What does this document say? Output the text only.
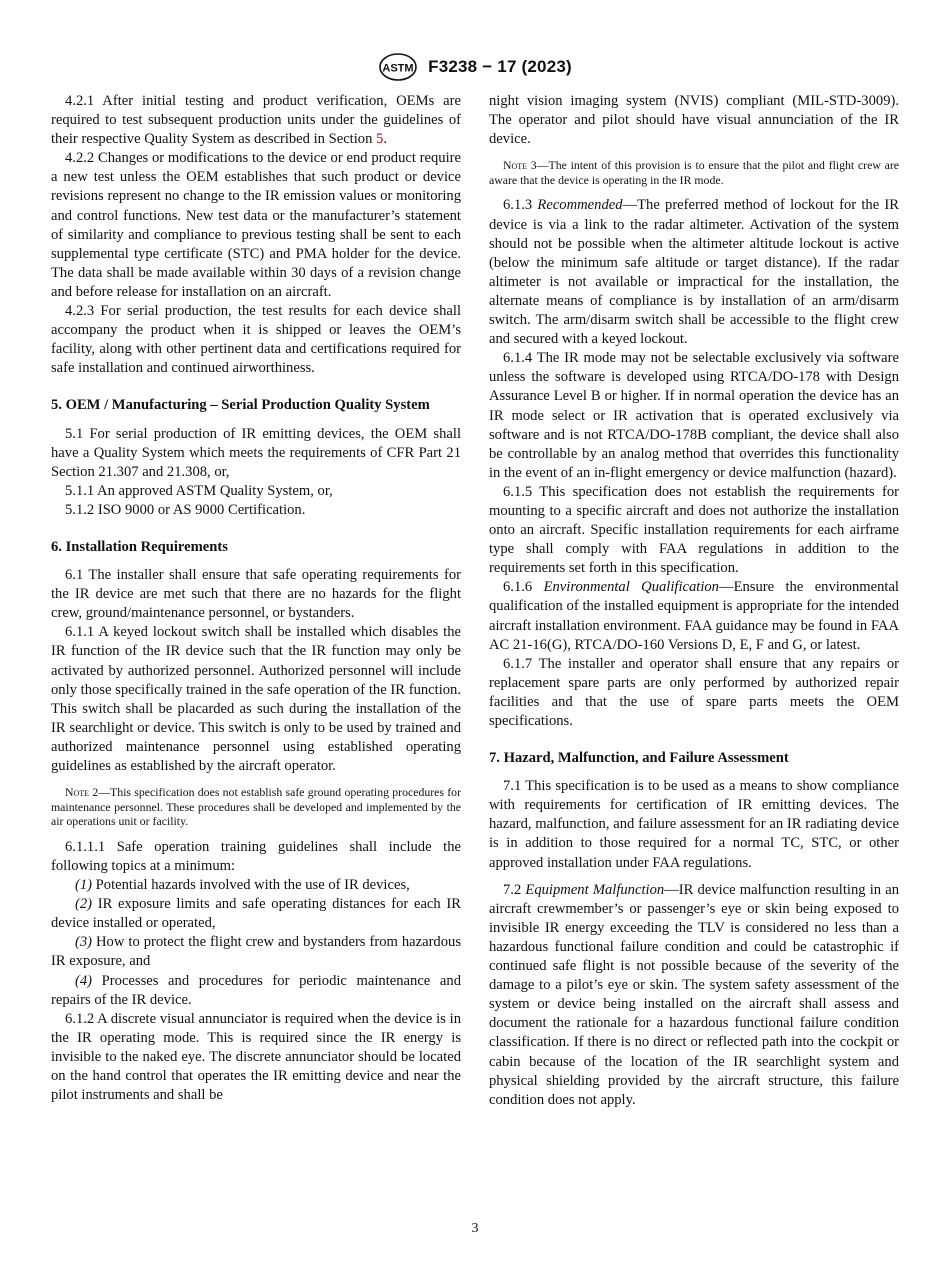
ASTM F3238 − 17 (2023)

4.2.1 After initial testing and product verification, OEMs are required to test subsequent production units under the guidelines of their respective Quality System as described in Section 5.

4.2.2 Changes or modifications to the device or end product require a new test unless the OEM establishes that such product or device revisions represent no change to the IR emission values or monitoring and control functions. New test data or the manufacturer’s statement of similarity and compliance to previous testing shall be sent to each supplemental type certificate (STC) and PMA holder for the device. The data shall be made available within 30 days of a revision change and before release for installation on an aircraft.

4.2.3 For serial production, the test results for each device shall accompany the product when it is shipped or leaves the OEM’s facility, along with other pertinent data and certifications required for safe installation and continued airworthiness.

5. OEM / Manufacturing – Serial Production Quality System

5.1 For serial production of IR emitting devices, the OEM shall have a Quality System which meets the requirements of CFR Part 21 Section 21.307 and 21.308, or,

5.1.1 An approved ASTM Quality System, or,

5.1.2 ISO 9000 or AS 9000 Certification.

6. Installation Requirements

6.1 The installer shall ensure that safe operating requirements for the IR device are met such that there are no hazards for the flight crew, ground/maintenance personnel, or bystanders.

6.1.1 A keyed lockout switch shall be installed which disables the IR function of the IR device such that the IR function may only be activated by authorized personnel. Authorized personnel will include only those specifically trained in the safe operation of the IR function. This switch shall be placarded as such during the installation of the IR searchlight or device. This switch is only to be used by trained and authorized maintenance personnel using established operating guidelines as established by the aircraft operator.

Note 2—This specification does not establish safe ground operating procedures for maintenance personnel. These procedures shall be developed and implemented by the air operations unit or facility.

6.1.1.1 Safe operation training guidelines shall include the following topics at a minimum:

(1) Potential hazards involved with the use of IR devices,

(2) IR exposure limits and safe operating distances for each IR device installed or operated,

(3) How to protect the flight crew and bystanders from hazardous IR exposure, and

(4) Processes and procedures for periodic maintenance and repairs of the IR device.

6.1.2 A discrete visual annunciator is required when the device is in the IR operating mode. This is required since the IR energy is invisible to the naked eye. The discrete annunciator should be located on the hand control that operates the IR emitting device and near the pilot instruments and shall be

night vision imaging system (NVIS) compliant (MIL-STD-3009). The operator and pilot should have visual annunciation of the IR device.

Note 3—The intent of this provision is to ensure that the pilot and flight crew are aware that the device is operating in the IR mode.

6.1.3 Recommended—The preferred method of lockout for the IR device is via a link to the radar altimeter. Activation of the system should not be possible when the altimeter altitude lockout is active (below the minimum safe altitude or target distance). If the radar altimeter is not available or impractical for the installation, the alternate means of compliance is by installation of an arm/disarm switch. The arm/disarm switch shall be accessible to the flight crew and secured with a keyed lockout.

6.1.4 The IR mode may not be selectable exclusively via software unless the software is developed using RTCA/DO-178 with Design Assurance Level B or higher. If in normal operation the device has an IR mode select or IR activation that is operated exclusively via software and is not RTCA/DO-178B compliant, the device shall also be controllable by an analog method that overrides this functionality in the event of an in-flight emergency or device malfunction (hazard).

6.1.5 This specification does not establish the requirements for mounting to a specific aircraft and does not authorize the installation onto an aircraft. Specific installation requirements for each airframe type shall comply with FAA regulations in addition to the requirements set forth in this specification.

6.1.6 Environmental Qualification—Ensure the environmental qualification of the installed equipment is appropriate for the intended aircraft installation environment. FAA guidance may be found in FAA AC 21-16(G), RTCA/DO-160 Versions D, E, F and G, or latest.

6.1.7 The installer and operator shall ensure that any repairs or replacement spare parts are only performed by authorized repair facilities and that the use of spare parts meets the OEM specifications.

7. Hazard, Malfunction, and Failure Assessment

7.1 This specification is to be used as a means to show compliance with requirements for certification of IR emitting devices. The hazard, malfunction, and failure assessment for an IR radiating device is in addition to those required for a normal TC, STC, or other approved installation under FAA regulations.

7.2 Equipment Malfunction—IR device malfunction resulting in an aircraft crewmember’s or passenger’s eye or skin being exposed to invisible IR energy exceeding the TLV is considered no less than a hazardous functional failure condition and could be catastrophic if continued safe flight is not possible because of the severity of the damage to a pilot’s eye or skin. The system safety assessment of the system or device being installed on the aircraft shall assess and document the rationale for a hazardous functional failure condition classification. If there is no direct or reflected path into the cockpit or cabin because of the location of the IR searchlight system and physical shielding provided by the aircraft structure, this failure condition does not apply.

3
